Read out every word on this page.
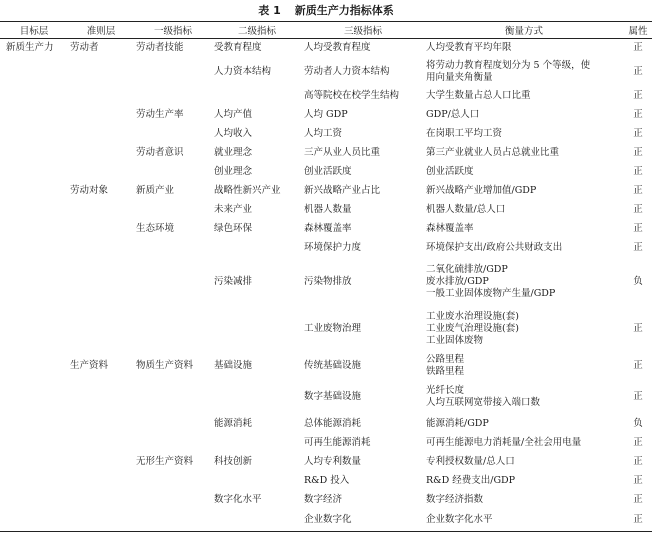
表 1 新质生产力指标体系
目标层	准则层	一级指标	二级指标	三级指标	衡量方式	属性
新质生产力	劳动者	劳动者技能	受教育程度	人均受教育程度	人均受教育平均年限	正
			人力资本结构	劳动者人力资本结构	将劳动力教育程度划分为 5 个等级，使
用向量夹角衡量	正
				高等院校在校学生结构	大学生数量占总人口比重	正
		劳动生产率	人均产值	人均 GDP	GDP/总人口	正
			人均收入	人均工资	在岗职工平均工资	正
		劳动者意识	就业理念	三产从业人员比重	第三产业就业人员占总就业比重	正
			创业理念	创业活跃度	创业活跃度	正
	劳动对象	新质产业	战略性新兴产业	新兴战略产业占比	新兴战略产业增加值/GDP	正
			未来产业	机器人数量	机器人数量/总人口	正
		生态环境	绿色环保	森林覆盖率	森林覆盖率	正
				环境保护力度	环境保护支出/政府公共财政支出	正
			污染减排	污染物排放	二氧化硫排放/GDP
废水排放/GDP
一般工业固体废物产生量/GDP	负
				工业废物治理	工业废水治理设施(套)
工业废气治理设施(套)
工业固体废物	正
	生产资料	物质生产资料	基础设施	传统基础设施	公路里程
铁路里程	正
				数字基础设施	光纤长度
人均互联网宽带接入端口数	正
			能源消耗	总体能源消耗	能源消耗/GDP	负
				可再生能源消耗	可再生能源电力消耗量/全社会用电量	正
		无形生产资料	科技创新	人均专利数量	专利授权数量/总人口	正
				R&D 投入	R&D 经费支出/GDP	正
			数字化水平	数字经济	数字经济指数	正
				企业数字化	企业数字化水平	正
